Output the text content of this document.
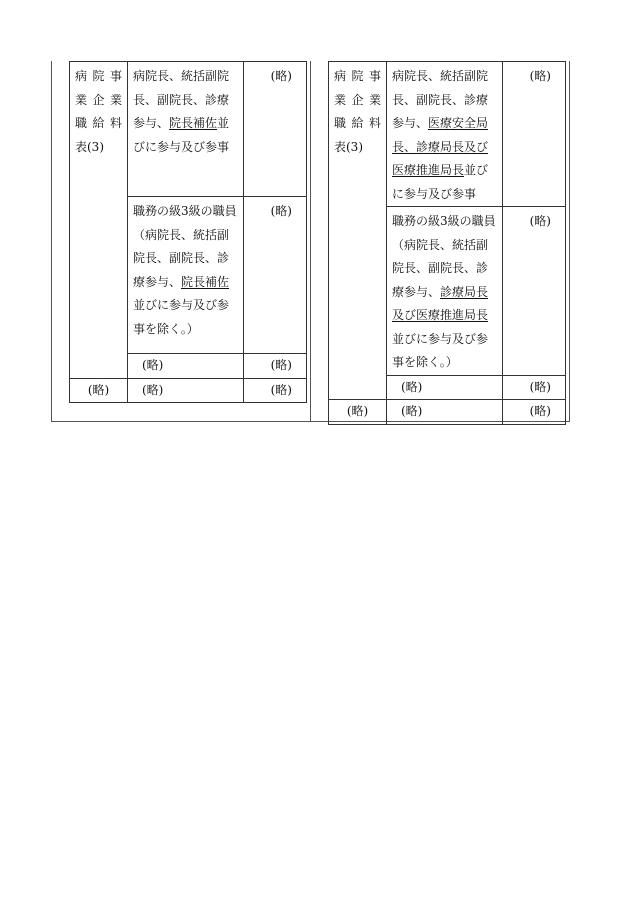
病院事
業企業
職給料
表(3)	病院長、統括副院長、副院長、診療参与、院長補佐並びに参与及び参事	(略)
	職務の級3級の職員（病院長、統括副院長、副院長、診療参与、院長補佐並びに参与及び参事を除く。）	(略)
	(略)	(略)
(略)	(略)	(略)
病院事
業企業
職給料
表(3)	病院長、統括副院長、副院長、診療参与、医療安全局長、診療局長及び医療推進局長並びに参与及び参事	(略)
	職務の級3級の職員（病院長、統括副院長、副院長、診療参与、診療局長及び医療推進局長並びに参与及び参事を除く。）	(略)
	(略)	(略)
(略)	(略)	(略)
